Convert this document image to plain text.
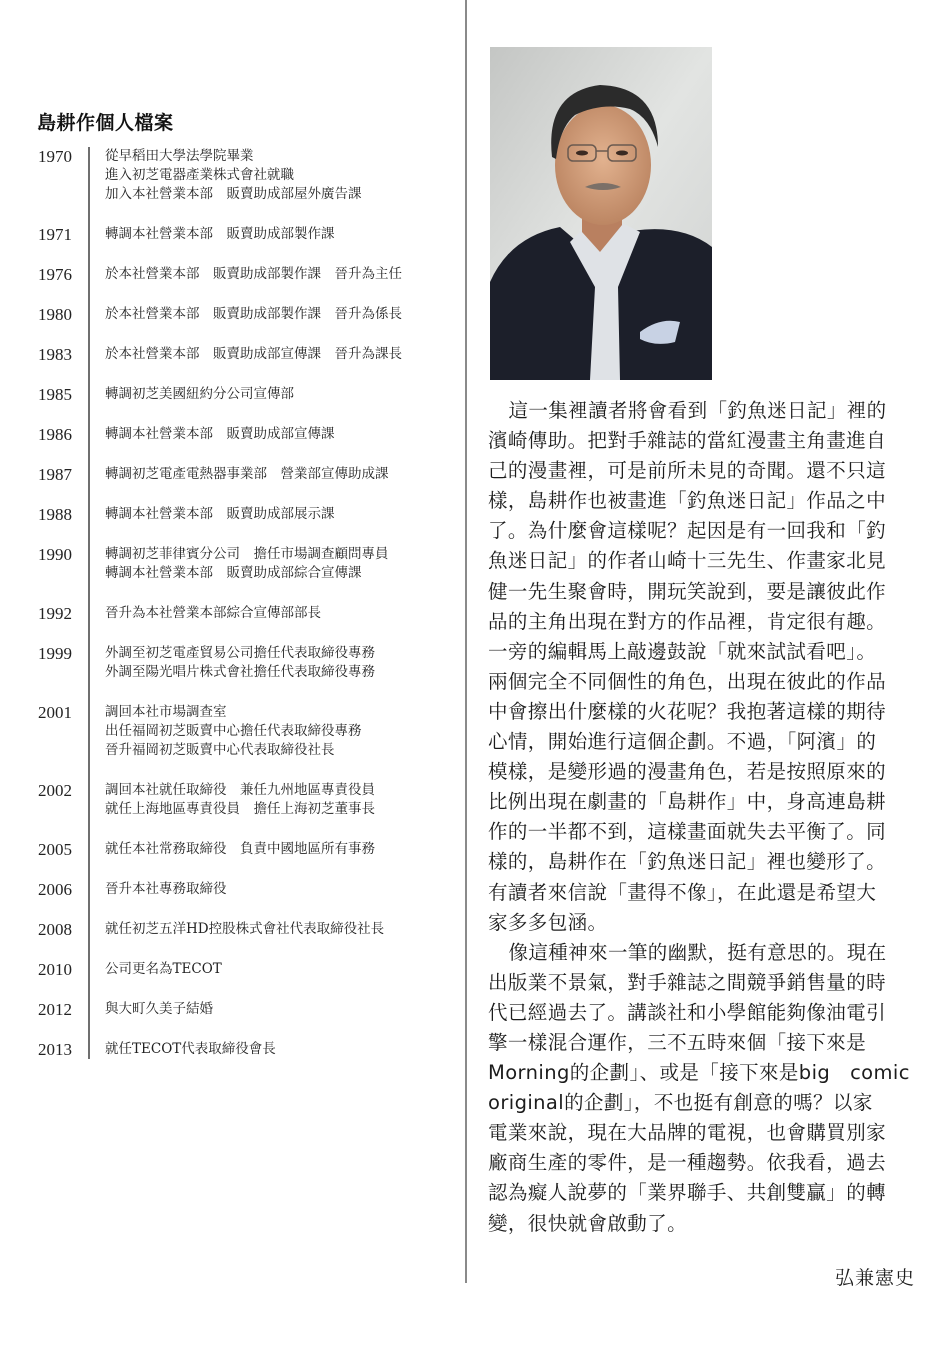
島耕作個人檔案
1970 從早稻田大學法學院畢業
進入初芝電器產業株式會社就職
加入本社營業本部　販賣助成部屋外廣告課
1971 轉調本社營業本部　販賣助成部製作課
1976 於本社營業本部　販賣助成部製作課　晉升為主任
1980 於本社營業本部　販賣助成部製作課　晉升為係長
1983 於本社營業本部　販賣助成部宣傳課　晉升為課長
1985 轉調初芝美國紐約分公司宣傳部
1986 轉調本社營業本部　販賣助成部宣傳課
1987 轉調初芝電產電熱器事業部　營業部宣傳助成課
1988 轉調本社營業本部　販賣助成部展示課
1990 轉調初芝菲律賓分公司　擔任市場調查顧問專員
轉調本社營業本部　販賣助成部綜合宣傳課
1992 晉升為本社營業本部綜合宣傳部部長
1999 外調至初芝電產貿易公司擔任代表取締役專務
外調至陽光唱片株式會社擔任代表取締役專務
2001 調回本社市場調查室
出任福岡初芝販賣中心擔任代表取締役專務
晉升福岡初芝販賣中心代表取締役社長
2002 調回本社就任取締役　兼任九州地區專責役員
就任上海地區專責役員　擔任上海初芝董事長
2005 就任本社常務取締役　負責中國地區所有事務
2006 晉升本社專務取締役
2008 就任初芝五洋HD控股株式會社代表取締役社長
2010 公司更名為TECOT
2012 與大町久美子結婚
2013 就任TECOT代表取締役會長

這一集裡讀者將會看到「釣魚迷日記」裡的
濱崎傳助。把對手雜誌的當紅漫畫主角畫進自
己的漫畫裡，可是前所未見的奇聞。還不只這
樣，島耕作也被畫進「釣魚迷日記」作品之中
了。為什麼會這樣呢？起因是有一回我和「釣
魚迷日記」的作者山崎十三先生、作畫家北見
健一先生聚會時，開玩笑說到，要是讓彼此作
品的主角出現在對方的作品裡，肯定很有趣。
一旁的編輯馬上敲邊鼓說「就來試試看吧」。
兩個完全不同個性的角色，出現在彼此的作品
中會擦出什麼樣的火花呢？我抱著這樣的期待
心情，開始進行這個企劃。不過，「阿濱」的
模樣，是變形過的漫畫角色，若是按照原來的
比例出現在劇畫的「島耕作」中，身高連島耕
作的一半都不到，這樣畫面就失去平衡了。同
樣的，島耕作在「釣魚迷日記」裡也變形了。
有讀者來信說「畫得不像」，在此還是希望大
家多多包涵。

像這種神來一筆的幽默，挺有意思的。現在
出版業不景氣，對手雜誌之間競爭銷售量的時
代已經過去了。講談社和小學館能夠像油電引
擎一樣混合運作，三不五時來個「接下來是
Morning的企劃」、或是「接下來是big　comic
original的企劃」，不也挺有創意的嗎？以家
電業來說，現在大品牌的電視，也會購買別家
廠商生產的零件，是一種趨勢。依我看，過去
認為癡人說夢的「業界聯手、共創雙贏」的轉
變，很快就會啟動了。

弘兼憲史
